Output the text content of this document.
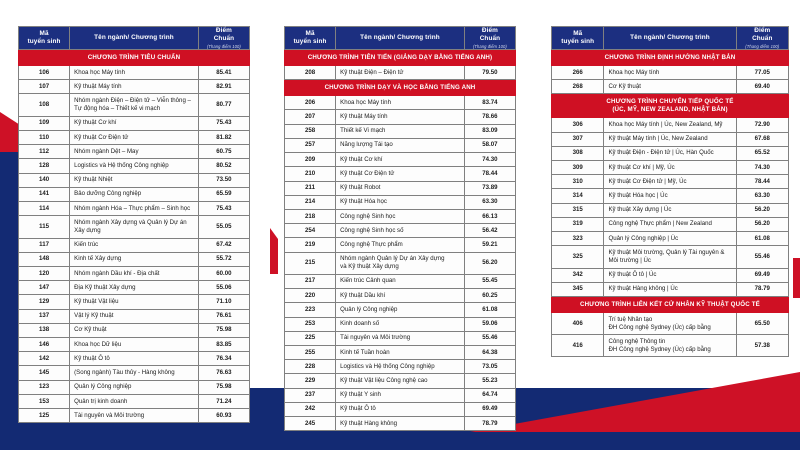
Mã
tuyển sinh	Tên ngành/ Chương trình	Điểm
Chuẩn
(Thang điểm 100)

CHƯƠNG TRÌNH TIÊU CHUẨN		
106	Khoa học Máy tính	85.41
107	Kỹ thuật Máy tính	82.91
108	Nhóm ngành Điện – Điện tử – Viễn thông –
Tự động hóa – Thiết kế vi mạch	80.77
109	Kỹ thuật Cơ khí	75.43
110	Kỹ thuật Cơ Điện tử	81.82
112	Nhóm ngành Dệt – May	60.75
128	Logistics và Hệ thống Công nghiệp	80.52
140	Kỹ thuật Nhiệt	73.50
141	Bảo dưỡng Công nghiệp	65.59
114	Nhóm ngành Hóa – Thực phẩm – Sinh học	75.43
115	Nhóm ngành Xây dựng và Quản lý Dự án Xây dựng	55.05
117	Kiến trúc	67.42
148	Kinh tế Xây dựng	55.72
120	Nhóm ngành Dầu khí - Địa chất	60.00
147	Địa Kỹ thuật Xây dựng	55.06
129	Kỹ thuật Vật liệu	71.10
137	Vật lý Kỹ thuật	76.61
138	Cơ Kỹ thuật	75.98
146	Khoa học Dữ liệu	83.85
142	Kỹ thuật Ô tô	76.34
145	(Song ngành) Tàu thủy - Hàng không	76.63
123	Quản lý Công nghiệp	75.98
153	Quản trị kinh doanh	71.24
125	Tài nguyên và Môi trường	60.93
Mã
tuyển sinh	Tên ngành/ Chương trình	Điểm
Chuẩn
(Thang điểm 100)

CHƯƠNG TRÌNH TIÊN TIẾN (GIẢNG DẠY BẰNG TIẾNG ANH)		
208	Kỹ thuật Điện – Điện tử	79.50
CHƯƠNG TRÌNH DẠY VÀ HỌC BẰNG TIẾNG ANH		
206	Khoa học Máy tính	83.74
207	Kỹ thuật Máy tính	78.66
258	Thiết kế Vi mạch	83.09
257	Năng lượng Tái tạo	58.07
209	Kỹ thuật Cơ khí	74.30
210	Kỹ thuật Cơ Điện tử	78.44
211	Kỹ thuật Robot	73.89
214	Kỹ thuật Hóa học	63.30
218	Công nghệ Sinh học	66.13
254	Công nghệ Sinh học số	56.42
219	Công nghệ Thực phẩm	59.21
215	Nhóm ngành Quản lý Dự án Xây dựng
và Kỹ thuật Xây dựng	56.20
217	Kiến trúc Cảnh quan	55.45
220	Kỹ thuật Dầu khí	60.25
223	Quản lý Công nghiệp	61.08
253	Kinh doanh số	59.06
225	Tài nguyên và Môi trường	55.46
255	Kinh tế Tuần hoàn	64.38
228	Logistics và Hệ thống Công nghiệp	73.05
229	Kỹ thuật Vật liệu Công nghệ cao	55.23
237	Kỹ thuật Y sinh	64.74
242	Kỹ thuật Ô tô	69.49
245	Kỹ thuật Hàng không	78.79
Mã
tuyển sinh	Tên ngành/ Chương trình	Điểm
Chuẩn
(Thang điểm 100)

CHƯƠNG TRÌNH ĐỊNH HƯỚNG NHẬT BẢN		
266	Khoa học Máy tính	77.05
268	Cơ Kỹ thuật	69.40
CHƯƠNG TRÌNH CHUYỂN TIẾP QUỐC TẾ
(ÚC, MỸ, NEW ZEALAND, NHẬT BẢN)		
306	Khoa học Máy tính | Úc, New Zealand, Mỹ	72.90
307	Kỹ thuật Máy tính | Úc, New Zealand	67.68
308	Kỹ thuật Điện - Điện tử | Úc, Hàn Quốc	65.52
309	Kỹ thuật Cơ khí | Mỹ, Úc	74.30
310	Kỹ thuật Cơ Điện tử | Mỹ, Úc	78.44
314	Kỹ thuật Hóa học | Úc	63.30
315	Kỹ thuật Xây dựng | Úc	56.20
319	Công nghệ Thực phẩm | New Zealand	56.20
323	Quản lý Công nghiệp | Úc	61.08
325	Kỹ thuật Môi trường, Quản lý Tài nguyên &
Môi trường | Úc	55.46
342	Kỹ thuật Ô tô | Úc	69.49
345	Kỹ thuật Hàng không | Úc	78.79
CHƯƠNG TRÌNH LIÊN KẾT CỬ NHÂN KỸ THUẬT QUỐC TẾ		
406	Trí tuệ Nhân tạo
ĐH Công nghệ Sydney (Úc) cấp bằng	65.50
416	Công nghệ Thông tin
ĐH Công nghệ Sydney (Úc) cấp bằng	57.38
